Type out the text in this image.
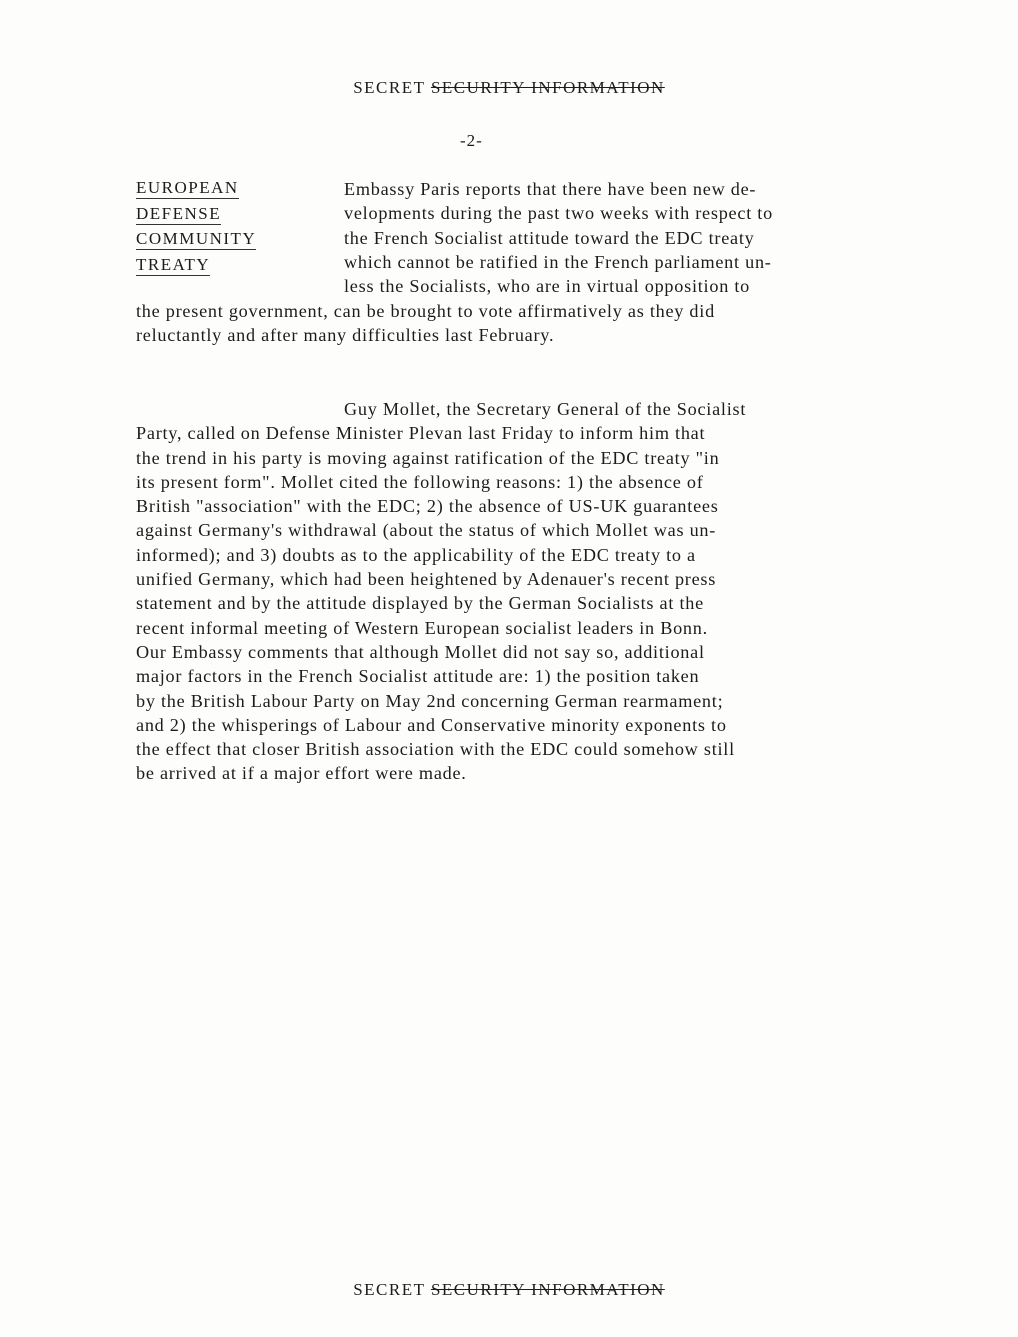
SECRET SECURITY INFORMATION
-2-
EUROPEAN
DEFENSE
COMMUNITY
TREATY
Embassy Paris reports that there have been new de-
velopments during the past two weeks with respect to
the French Socialist attitude toward the EDC treaty
which cannot be ratified in the French parliament un-
less the Socialists, who are in virtual opposition to
the present government, can be brought to vote affirmatively as they did
reluctantly and after many difficulties last February.
Guy Mollet, the Secretary General of the Socialist
Party, called on Defense Minister Plevan last Friday to inform him that
the trend in his party is moving against ratification of the EDC treaty "in
its present form". Mollet cited the following reasons: 1) the absence of
British "association" with the EDC; 2) the absence of US-UK guarantees
against Germany's withdrawal (about the status of which Mollet was un-
informed); and 3) doubts as to the applicability of the EDC treaty to a
unified Germany, which had been heightened by Adenauer's recent press
statement and by the attitude displayed by the German Socialists at the
recent informal meeting of Western European socialist leaders in Bonn.
Our Embassy comments that although Mollet did not say so, additional
major factors in the French Socialist attitude are: 1) the position taken
by the British Labour Party on May 2nd concerning German rearmament;
and 2) the whisperings of Labour and Conservative minority exponents to
the effect that closer British association with the EDC could somehow still
be arrived at if a major effort were made.
SECRET SECURITY INFORMATION
